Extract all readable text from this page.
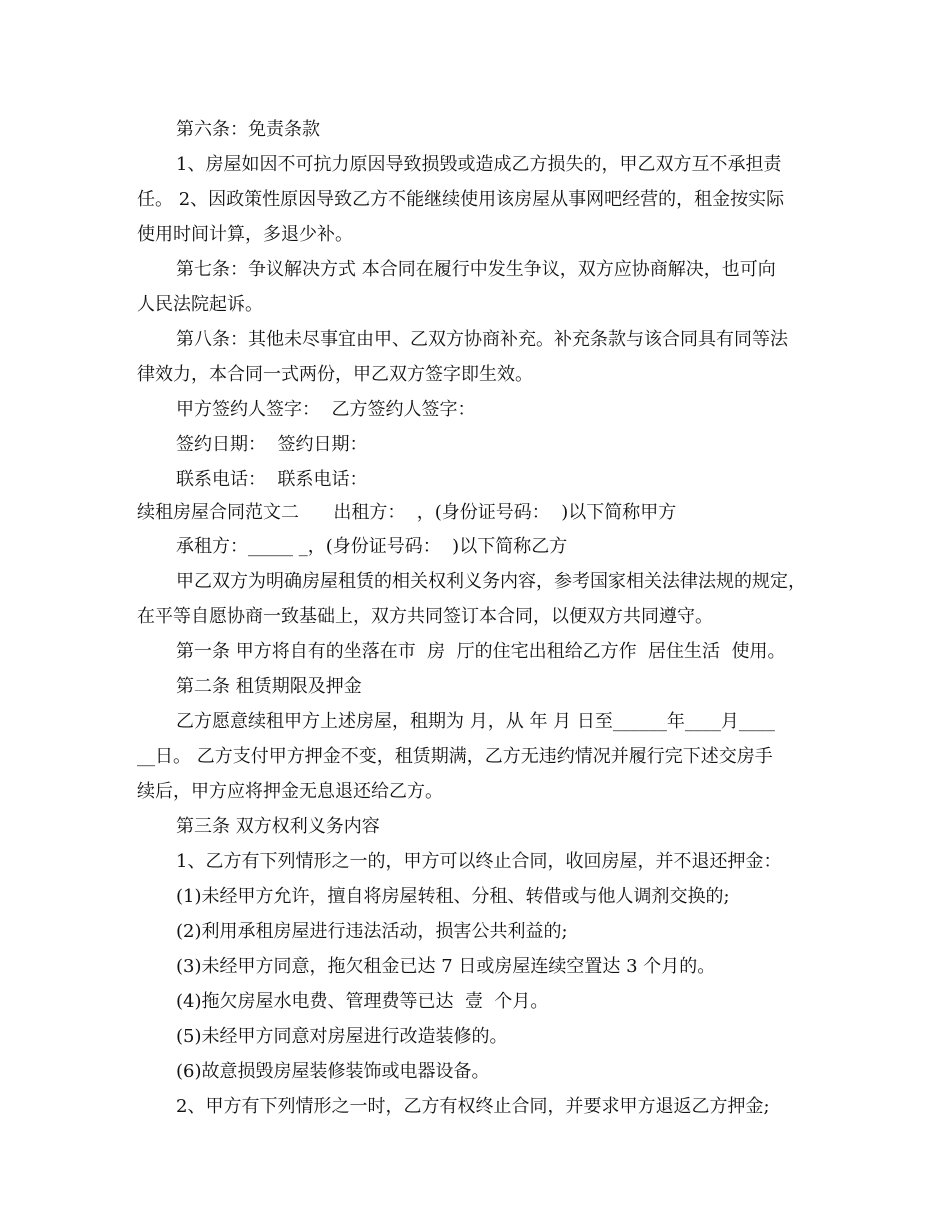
第六条：免责条款
1、房屋如因不可抗力原因导致损毁或造成乙方损失的，甲乙双方互不承担责
任。 2、因政策性原因导致乙方不能继续使用该房屋从事网吧经营的，租金按实际
使用时间计算，多退少补。
第七条：争议解决方式 本合同在履行中发生争议，双方应协商解决，也可向
人民法院起诉。
第八条：其他未尽事宜由甲、乙双方协商补充。补充条款与该合同具有同等法
律效力，本合同一式两份，甲乙双方签字即生效。
甲方签约人签字：  乙方签约人签字：
签约日期：  签约日期：
联系电话：  联系电话：
续租房屋合同范文二      出租方：  ，(身份证号码：  )以下简称甲方
承租方：_____ _，(身份证号码：  )以下简称乙方
甲乙双方为明确房屋租赁的相关权利义务内容，参考国家相关法律法规的规定，
在平等自愿协商一致基础上，双方共同签订本合同，以便双方共同遵守。
第一条 甲方将自有的坐落在市  房  厅的住宅出租给乙方作  居住生活  使用。
第二条 租赁期限及押金
乙方愿意续租甲方上述房屋，租期为 月，从 年 月 日至______年____月____
__日。 乙方支付甲方押金不变，租赁期满，乙方无违约情况并履行完下述交房手
续后，甲方应将押金无息退还给乙方。
第三条 双方权利义务内容
1、乙方有下列情形之一的，甲方可以终止合同，收回房屋，并不退还押金：
(1)未经甲方允许，擅自将房屋转租、分租、转借或与他人调剂交换的;
(2)利用承租房屋进行违法活动，损害公共利益的;
(3)未经甲方同意，拖欠租金已达 7 日或房屋连续空置达 3 个月的。
(4)拖欠房屋水电费、管理费等已达  壹  个月。
(5)未经甲方同意对房屋进行改造装修的。
(6)故意损毁房屋装修装饰或电器设备。
2、甲方有下列情形之一时，乙方有权终止合同，并要求甲方退返乙方押金;
